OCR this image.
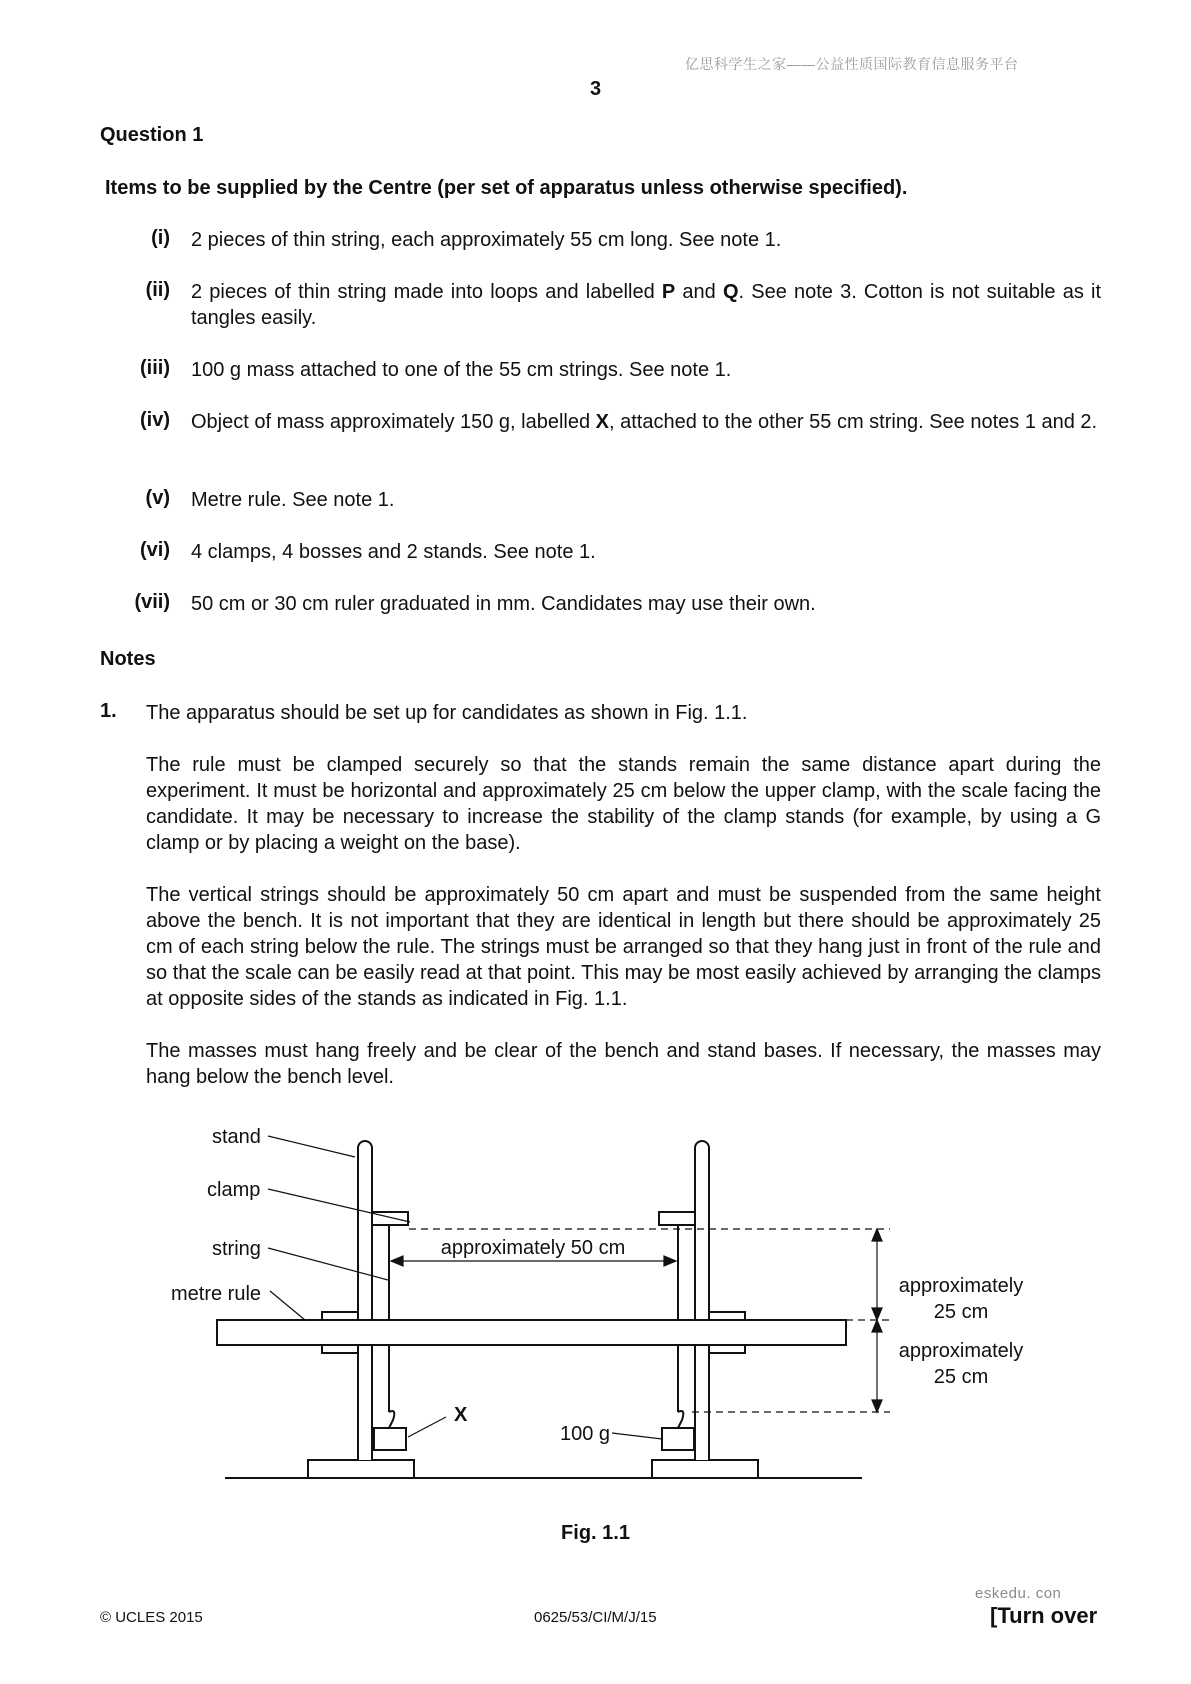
亿思科学生之家——公益性质国际教育信息服务平台
3
Question 1
Items to be supplied by the Centre (per set of apparatus unless otherwise specified).
(i) 2 pieces of thin string, each approximately 55 cm long. See note 1.
(ii) 2 pieces of thin string made into loops and labelled P and Q. See note 3. Cotton is not suitable as it tangles easily.
(iii) 100 g mass attached to one of the 55 cm strings. See note 1.
(iv) Object of mass approximately 150 g, labelled X, attached to the other 55 cm string. See notes 1 and 2.
(v) Metre rule. See note 1.
(vi) 4 clamps, 4 bosses and 2 stands. See note 1.
(vii) 50 cm or 30 cm ruler graduated in mm. Candidates may use their own.
Notes
1. The apparatus should be set up for candidates as shown in Fig. 1.1.
The rule must be clamped securely so that the stands remain the same distance apart during the experiment. It must be horizontal and approximately 25 cm below the upper clamp, with the scale facing the candidate. It may be necessary to increase the stability of the clamp stands (for example, by using a G clamp or by placing a weight on the base).
The vertical strings should be approximately 50 cm apart and must be suspended from the same height above the bench. It is not important that they are identical in length but there should be approximately 25 cm of each string below the rule. The strings must be arranged so that they hang just in front of the rule and so that the scale can be easily read at that point. This may be most easily achieved by arranging the clamps at opposite sides of the stands as indicated in Fig. 1.1.
The masses must hang freely and be clear of the bench and stand bases. If necessary, the masses may hang below the bench level.
stand
clamp
string
metre rule
approximately 50 cm
approximately
25 cm
approximately
25 cm
X
100 g
Fig. 1.1
© UCLES 2015	0625/53/CI/M/J/15
eskedu. con
[Turn over
